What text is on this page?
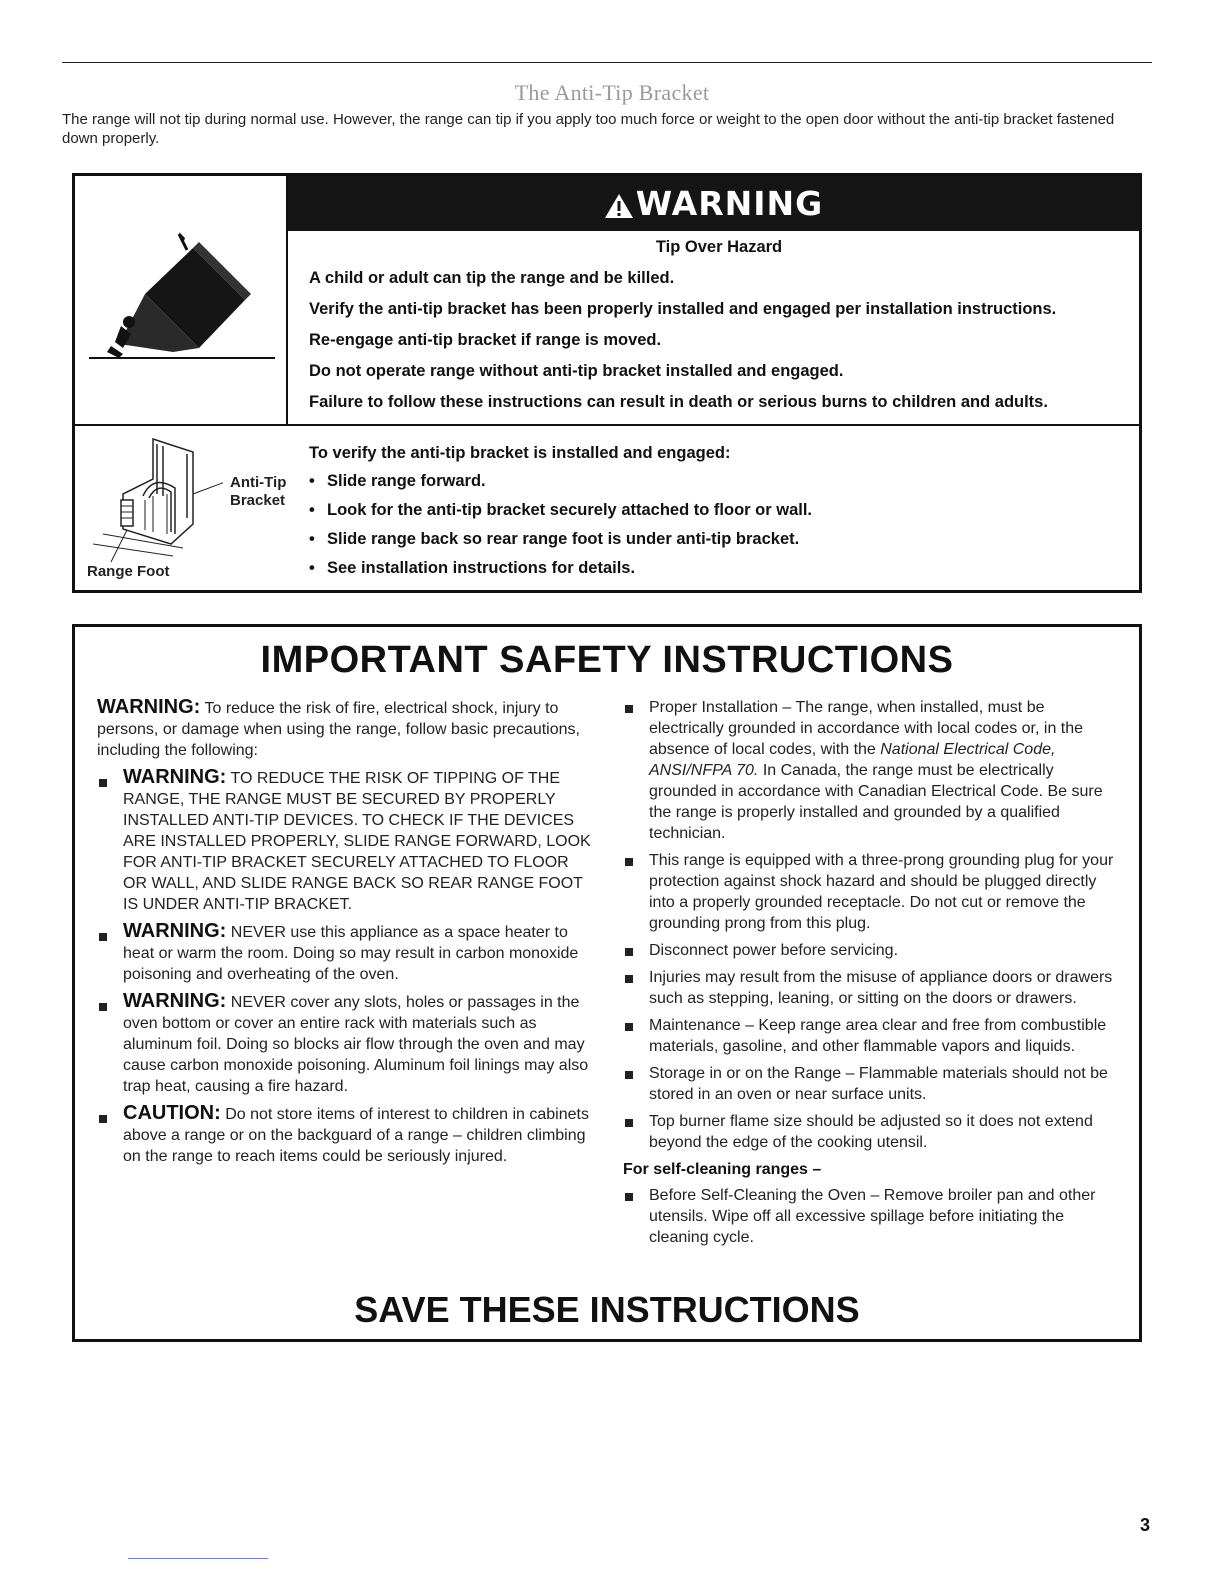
The Anti-Tip Bracket
The range will not tip during normal use. However, the range can tip if you apply too much force or weight to the open door without the anti-tip bracket fastened down properly.
WARNING
Tip Over Hazard
A child or adult can tip the range and be killed.
Verify the anti-tip bracket has been properly installed and engaged per installation instructions.
Re-engage anti-tip bracket if range is moved.
Do not operate range without anti-tip bracket installed and engaged.
Failure to follow these instructions can result in death or serious burns to children and adults.
Anti-Tip
Bracket
Range Foot
To verify the anti-tip bracket is installed and engaged:
• Slide range forward.
• Look for the anti-tip bracket securely attached to floor or wall.
• Slide range back so rear range foot is under anti-tip bracket.
• See installation instructions for details.
IMPORTANT SAFETY INSTRUCTIONS
WARNING: To reduce the risk of fire, electrical shock, injury to persons, or damage when using the range, follow basic precautions, including the following:
WARNING: TO REDUCE THE RISK OF TIPPING OF THE RANGE, THE RANGE MUST BE SECURED BY PROPERLY INSTALLED ANTI-TIP DEVICES. TO CHECK IF THE DEVICES ARE INSTALLED PROPERLY, SLIDE RANGE FORWARD, LOOK FOR ANTI-TIP BRACKET SECURELY ATTACHED TO FLOOR OR WALL, AND SLIDE RANGE BACK SO REAR RANGE FOOT IS UNDER ANTI-TIP BRACKET.
WARNING: NEVER use this appliance as a space heater to heat or warm the room. Doing so may result in carbon monoxide poisoning and overheating of the oven.
WARNING: NEVER cover any slots, holes or passages in the oven bottom or cover an entire rack with materials such as aluminum foil. Doing so blocks air flow through the oven and may cause carbon monoxide poisoning. Aluminum foil linings may also trap heat, causing a fire hazard.
CAUTION: Do not store items of interest to children in cabinets above a range or on the backguard of a range – children climbing on the range to reach items could be seriously injured.
Proper Installation – The range, when installed, must be electrically grounded in accordance with local codes or, in the absence of local codes, with the National Electrical Code, ANSI/NFPA 70. In Canada, the range must be electrically grounded in accordance with Canadian Electrical Code. Be sure the range is properly installed and grounded by a qualified technician.
This range is equipped with a three-prong grounding plug for your protection against shock hazard and should be plugged directly into a properly grounded receptacle. Do not cut or remove the grounding prong from this plug.
Disconnect power before servicing.
Injuries may result from the misuse of appliance doors or drawers such as stepping, leaning, or sitting on the doors or drawers.
Maintenance – Keep range area clear and free from combustible materials, gasoline, and other flammable vapors and liquids.
Storage in or on the Range – Flammable materials should not be stored in an oven or near surface units.
Top burner flame size should be adjusted so it does not extend beyond the edge of the cooking utensil.
For self-cleaning ranges –
Before Self-Cleaning the Oven – Remove broiler pan and other utensils. Wipe off all excessive spillage before initiating the cleaning cycle.
SAVE THESE INSTRUCTIONS
3
